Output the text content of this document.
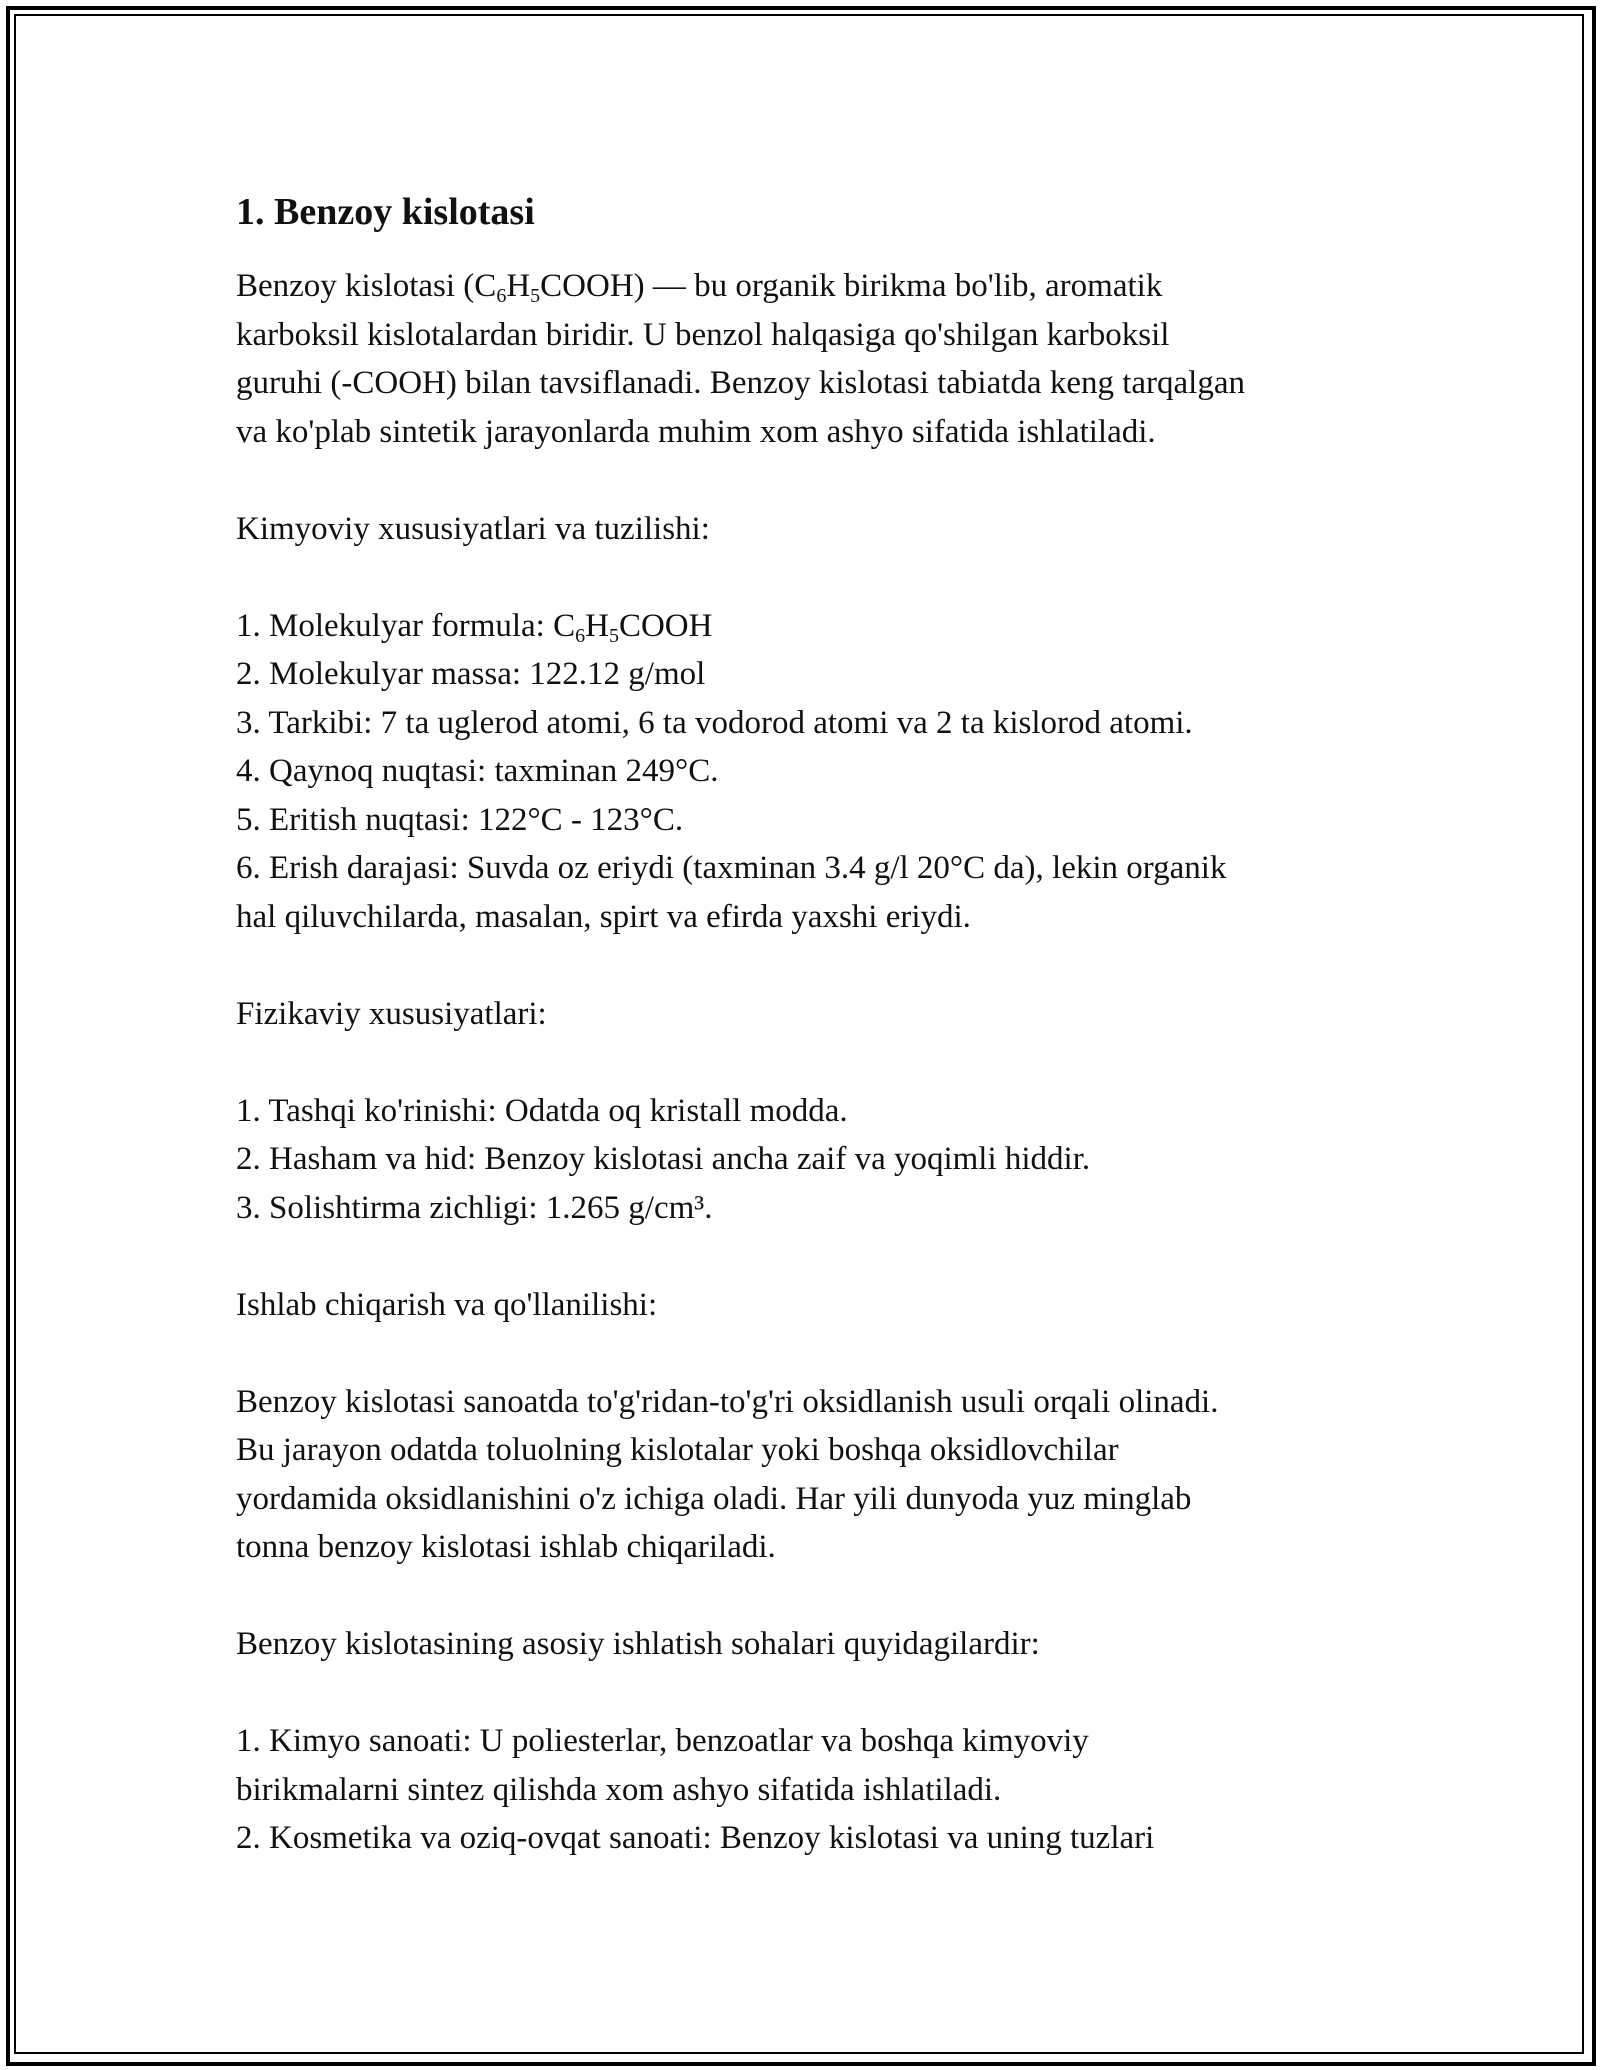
1. Benzoy kislotasi
Benzoy kislotasi $(C_6H_5COOH)$ — bu organik birikma bo'lib, aromatik
karboksil kislotalardan biridir. U benzol halqasiga qo'shilgan karboksil
guruhi (-COOH) bilan tavsiflanadi. Benzoy kislotasi tabiatda keng tarqalgan
va ko'plab sintetik jarayonlarda muhim xom ashyo sifatida ishlatiladi.
Kimyoviy xususiyatlari va tuzilishi:
1. Molekulyar formula: $C_6H_5COOH$
2. Molekulyar massa: 122.12 g/mol
3. Tarkibi: 7 ta uglerod atomi, 6 ta vodorod atomi va 2 ta kislorod atomi.
4. Qaynoq nuqtasi: taxminan 249°C.
5. Eritish nuqtasi: 122°C - 123°C.
6. Erish darajasi: Suvda oz eriydi (taxminan 3.4 g/l 20°C da), lekin organik
hal qiluvchilarda, masalan, spirt va efirda yaxshi eriydi.
Fizikaviy xususiyatlari:
1. Tashqi ko'rinishi: Odatda oq kristall modda.
2. Hasham va hid: Benzoy kislotasi ancha zaif va yoqimli hiddir.
3. Solishtirma zichligi: 1.265 g/cm³.
Ishlab chiqarish va qo'llanilishi:
Benzoy kislotasi sanoatda to'g'ridan-to'g'ri oksidlanish usuli orqali olinadi.
Bu jarayon odatda toluolning kislotalar yoki boshqa oksidlovchilar
yordamida oksidlanishini o'z ichiga oladi. Har yili dunyoda yuz minglab
tonna benzoy kislotasi ishlab chiqariladi.
Benzoy kislotasining asosiy ishlatish sohalari quyidagilardir:
1. Kimyo sanoati: U poliesterlar, benzoatlar va boshqa kimyoviy
birikmalarni sintez qilishda xom ashyo sifatida ishlatiladi.
2. Kosmetika va oziq-ovqat sanoati: Benzoy kislotasi va uning tuzlari
